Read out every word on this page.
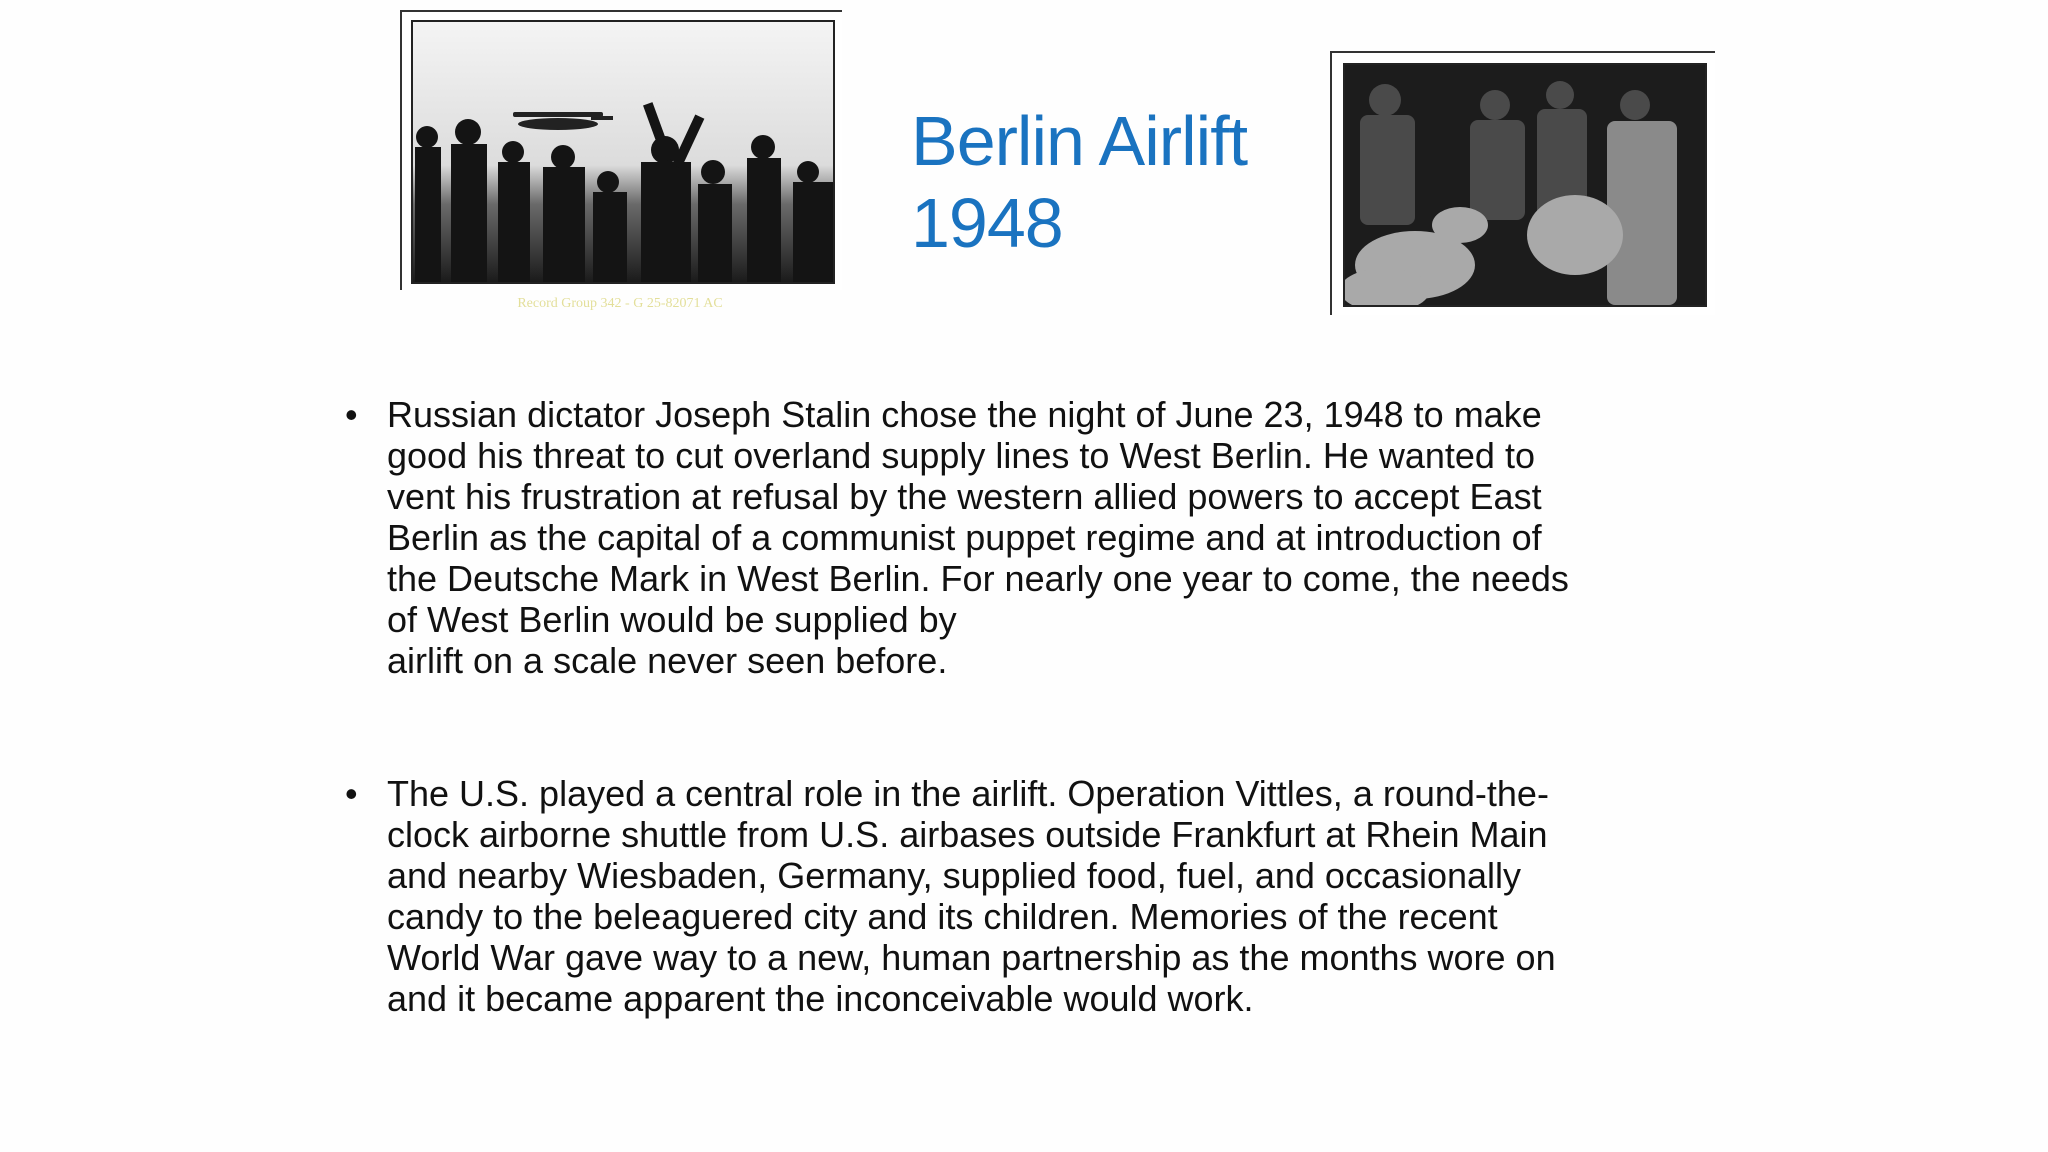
Record Group 342 - G 25-82071 AC
Berlin Airlift
1948
• Russian dictator Joseph Stalin chose the night of June 23, 1948 to make
good his threat to cut overland supply lines to West Berlin. He wanted to
vent his frustration at refusal by the western allied powers to accept East
Berlin as the capital of a communist puppet regime and at introduction of
the Deutsche Mark in West Berlin. For nearly one year to come, the needs
of West Berlin would be supplied by
airlift on a scale never seen before.
• The U.S. played a central role in the airlift. Operation Vittles, a round-the-
clock airborne shuttle from U.S. airbases outside Frankfurt at Rhein Main
and nearby Wiesbaden, Germany, supplied food, fuel, and occasionally
candy to the beleaguered city and its children. Memories of the recent
World War gave way to a new, human partnership as the months wore on
and it became apparent the inconceivable would work.
